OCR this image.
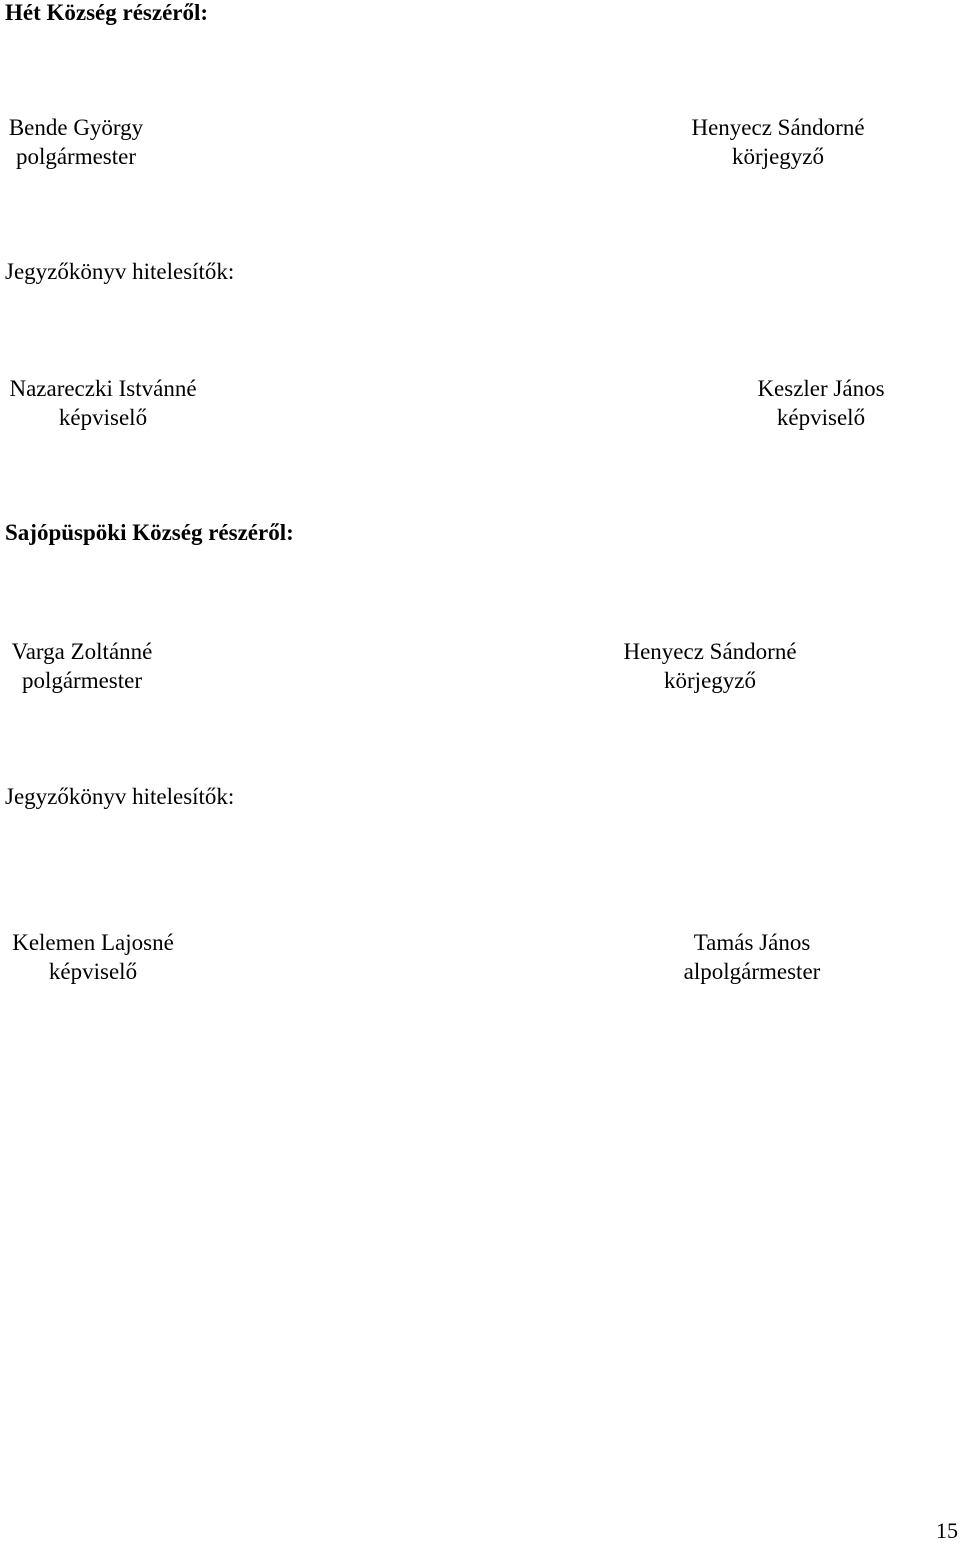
Hét Község részéről:
Bende György
polgármester
Henyecz Sándorné
körjegyző
Jegyzőkönyv hitelesítők:
Nazareczki Istvánné
képviselő
Keszler János
képviselő
Sajópüspöki Község részéről:
Varga Zoltánné
polgármester
Henyecz Sándorné
körjegyző
Jegyzőkönyv hitelesítők:
Kelemen Lajosné
képviselő
Tamás János
alpolgármester
15
